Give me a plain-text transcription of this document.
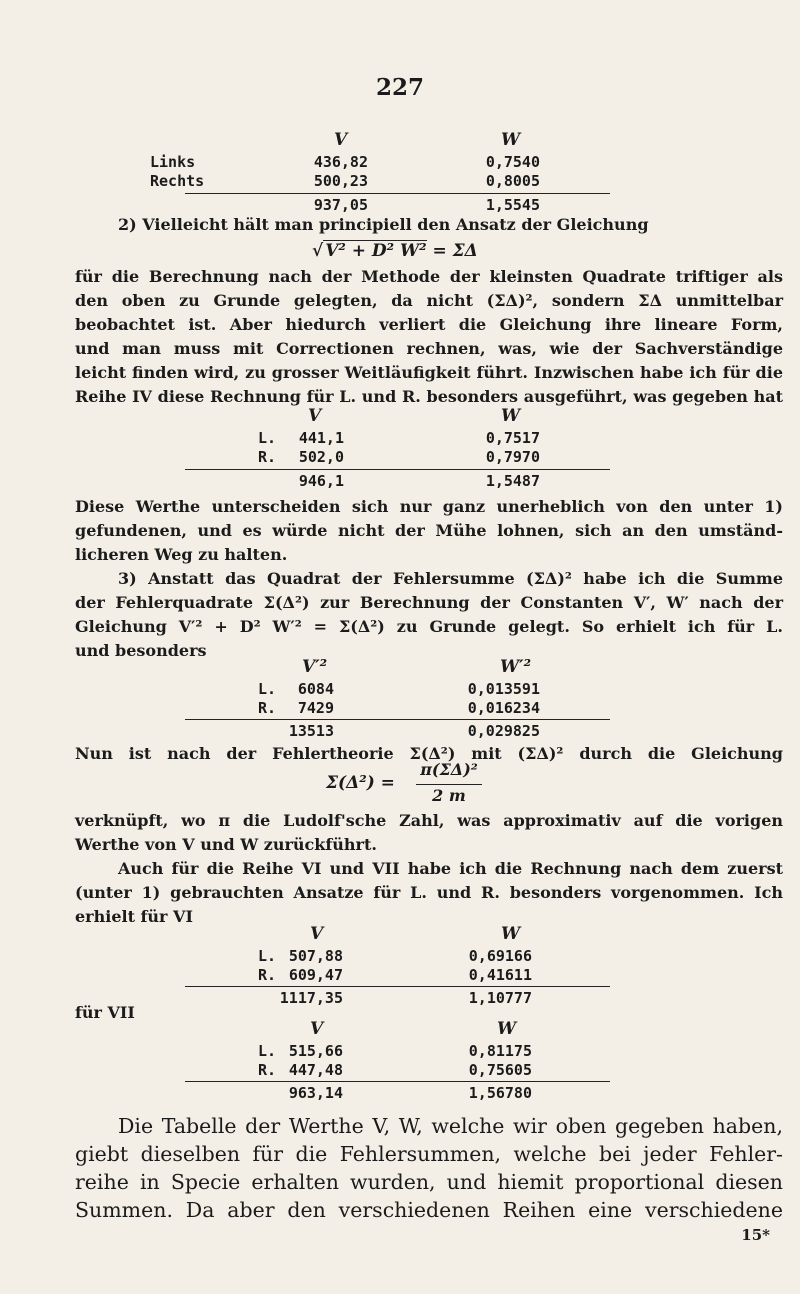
227
V	W
Links	436,82	0,7540
Rechts	500,23	0,8005
937,05	1,5545
2) Vielleicht hält man principiell den Ansatz der Gleichung
√ V² + D² W² = ΣΔ
für die Berechnung nach der Methode der kleinsten Quadrate triftiger als
den oben zu Grunde gelegten, da nicht (ΣΔ)², sondern ΣΔ unmittelbar
beobachtet ist. Aber hiedurch verliert die Gleichung ihre lineare Form,
und man muss mit Correctionen rechnen, was, wie der Sachverständige
leicht finden wird, zu grosser Weitläufigkeit führt. Inzwischen habe ich für die
Reihe IV diese Rechnung für L. und R. besonders ausgeführt, was gegeben hat
V	W
L.	441,1	0,7517
R.	502,0	0,7970
946,1	1,5487
Diese Werthe unterscheiden sich nur ganz unerheblich von den unter 1)
gefundenen, und es würde nicht der Mühe lohnen, sich an den umständ-
licheren Weg zu halten.
3) Anstatt das Quadrat der Fehlersumme (ΣΔ)² habe ich die Summe
der Fehlerquadrate Σ(Δ²) zur Berechnung der Constanten V′, W′ nach der
Gleichung V′² + D² W′² = Σ(Δ²) zu Grunde gelegt. So erhielt ich für L.
und besonders
V′²	W′²
L.	6084	0,013591
R.	7429	0,016234
13513	0,029825
Nun ist nach der Fehlertheorie Σ(Δ²) mit (ΣΔ)² durch die Gleichung
Σ(Δ²) =
π(ΣΔ)²
2 m
verknüpft, wo π die Ludolf'sche Zahl, was approximativ auf die vorigen
Werthe von V und W zurückführt.
Auch für die Reihe VI und VII habe ich die Rechnung nach dem zuerst
(unter 1) gebrauchten Ansatze für L. und R. besonders vorgenommen. Ich
erhielt für VI
V	W
L. 507,88	0,69166
R. 609,47	0,41611
1117,35	1,10777
für VII
V	W
L. 515,66	0,81175
R. 447,48	0,75605
963,14	1,56780
Die Tabelle der Werthe V, W, welche wir oben gegeben haben,
giebt dieselben für die Fehlersummen, welche bei jeder Fehler-
reihe in Specie erhalten wurden, und hiemit proportional diesen
Summen. Da aber den verschiedenen Reihen eine verschiedene
15*
